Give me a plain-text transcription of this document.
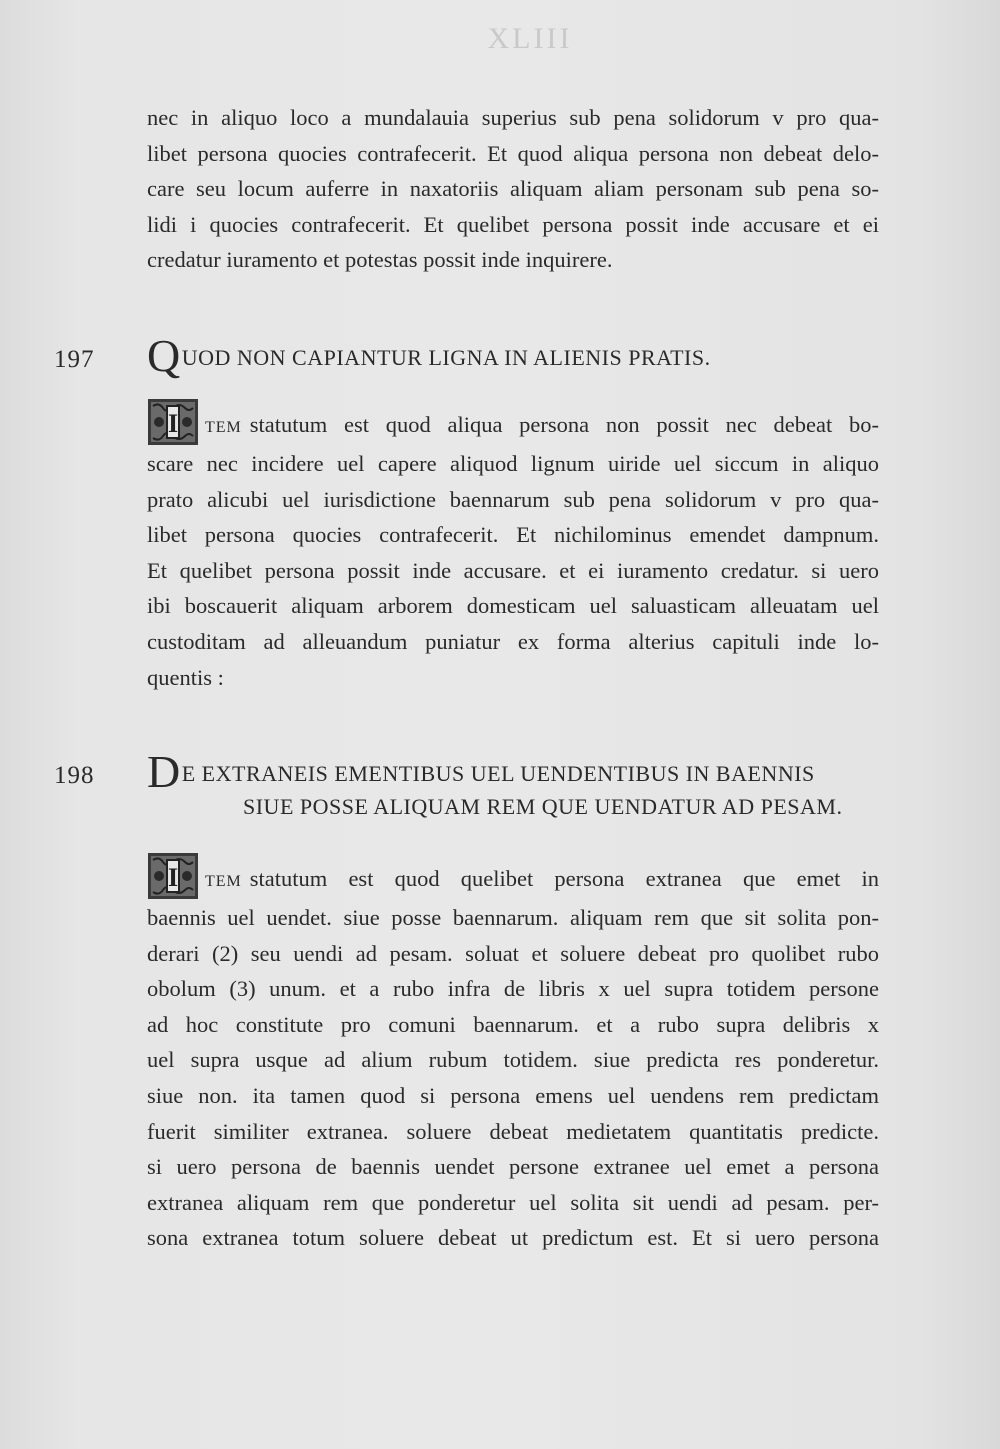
XLIII

nec in aliquo loco a mundalauia superius sub pena solidorum v pro qua-
libet persona quocies contrafecerit. Et quod aliqua persona non debeat delo-
care seu locum auferre in naxatoriis aliquam aliam personam sub pena so-
lidi i quocies contrafecerit. Et quelibet persona possit inde accusare et ei
credatur iuramento et potestas possit inde inquirere.

197 QUOD NON CAPIANTUR LIGNA IN ALIENIS PRATIS.

I TEM statutum est quod aliqua persona non possit nec debeat bo-
scare nec incidere uel capere aliquod lignum uiride uel siccum in aliquo
prato alicubi uel iurisdictione baennarum sub pena solidorum v pro qua-
libet persona quocies contrafecerit. Et nichilominus emendet dampnum.
Et quelibet persona possit inde accusare. et ei iuramento credatur. si uero
ibi boscauerit aliquam arborem domesticam uel saluasticam alleuatam uel
custoditam ad alleuandum puniatur ex forma alterius capituli inde lo-
quentis :

198 DE EXTRANEIS EMENTIBUS UEL UENDENTIBUS IN BAENNIS
SIUE POSSE ALIQUAM REM QUE UENDATUR AD PESAM.

I TEM statutum est quod quelibet persona extranea que emet in
baennis uel uendet. siue posse baennarum. aliquam rem que sit solita pon-
derari (2) seu uendi ad pesam. soluat et soluere debeat pro quolibet rubo
obolum (3) unum. et a rubo infra de libris x uel supra totidem persone
ad hoc constitute pro comuni baennarum. et a rubo supra delibris x
uel supra usque ad alium rubum totidem. siue predicta res ponderetur.
siue non. ita tamen quod si persona emens uel uendens rem predictam
fuerit similiter extranea. soluere debeat medietatem quantitatis predicte.
si uero persona de baennis uendet persone extranee uel emet a persona
extranea aliquam rem que ponderetur uel solita sit uendi ad pesam. per-
sona extranea totum soluere debeat ut predictum est. Et si uero persona
